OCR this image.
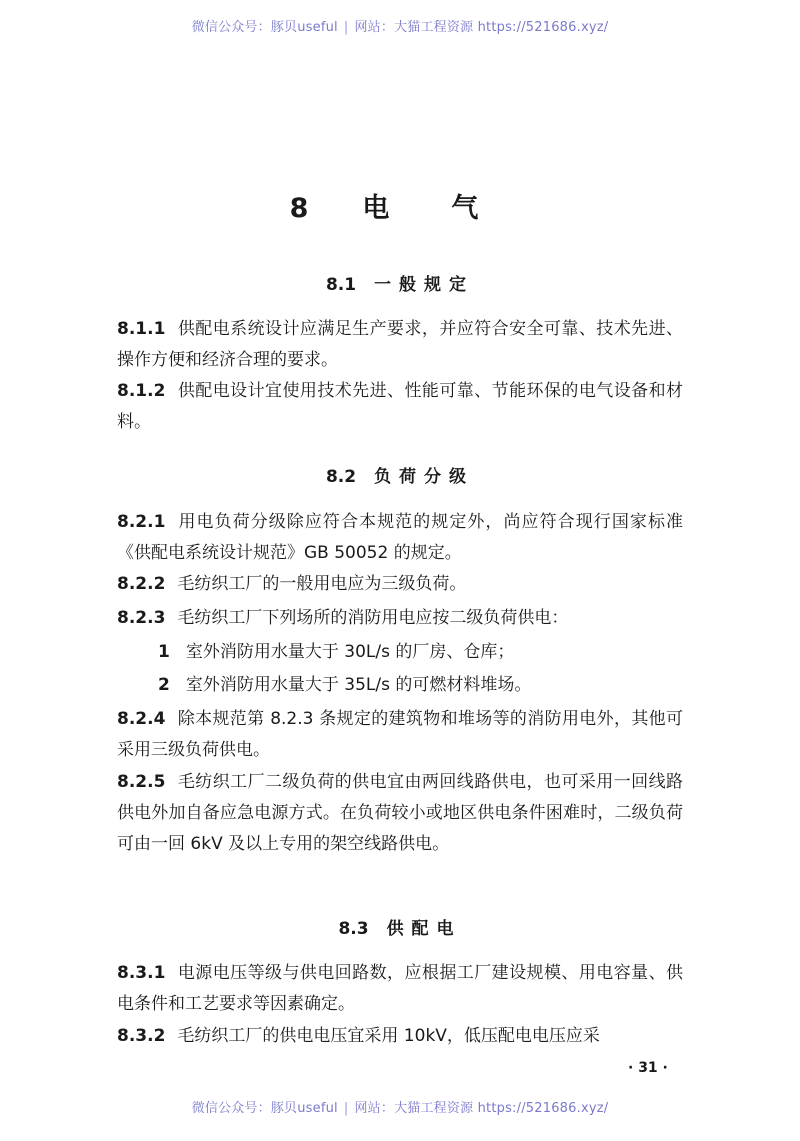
微信公众号：豚贝useful | 网站：大猫工程资源 https://521686.xyz/
8 电 气
8.1 一般规定
8.1.1 供配电系统设计应满足生产要求，并应符合安全可靠、技术先进、操作方便和经济合理的要求。
8.1.2 供配电设计宜使用技术先进、性能可靠、节能环保的电气设备和材料。
8.2 负荷分级
8.2.1 用电负荷分级除应符合本规范的规定外，尚应符合现行国家标准《供配电系统设计规范》GB 50052 的规定。
8.2.2 毛纺织工厂的一般用电应为三级负荷。
8.2.3 毛纺织工厂下列场所的消防用电应按二级负荷供电：
1 室外消防用水量大于 30L/s 的厂房、仓库；
2 室外消防用水量大于 35L/s 的可燃材料堆场。
8.2.4 除本规范第 8.2.3 条规定的建筑物和堆场等的消防用电外，其他可采用三级负荷供电。
8.2.5 毛纺织工厂二级负荷的供电宜由两回线路供电，也可采用一回线路供电外加自备应急电源方式。在负荷较小或地区供电条件困难时，二级负荷可由一回 6kV 及以上专用的架空线路供电。
8.3 供配电
8.3.1 电源电压等级与供电回路数，应根据工厂建设规模、用电容量、供电条件和工艺要求等因素确定。
8.3.2 毛纺织工厂的供电电压宜采用 10kV，低压配电电压应采
· 31 ·
微信公众号：豚贝useful | 网站：大猫工程资源 https://521686.xyz/
